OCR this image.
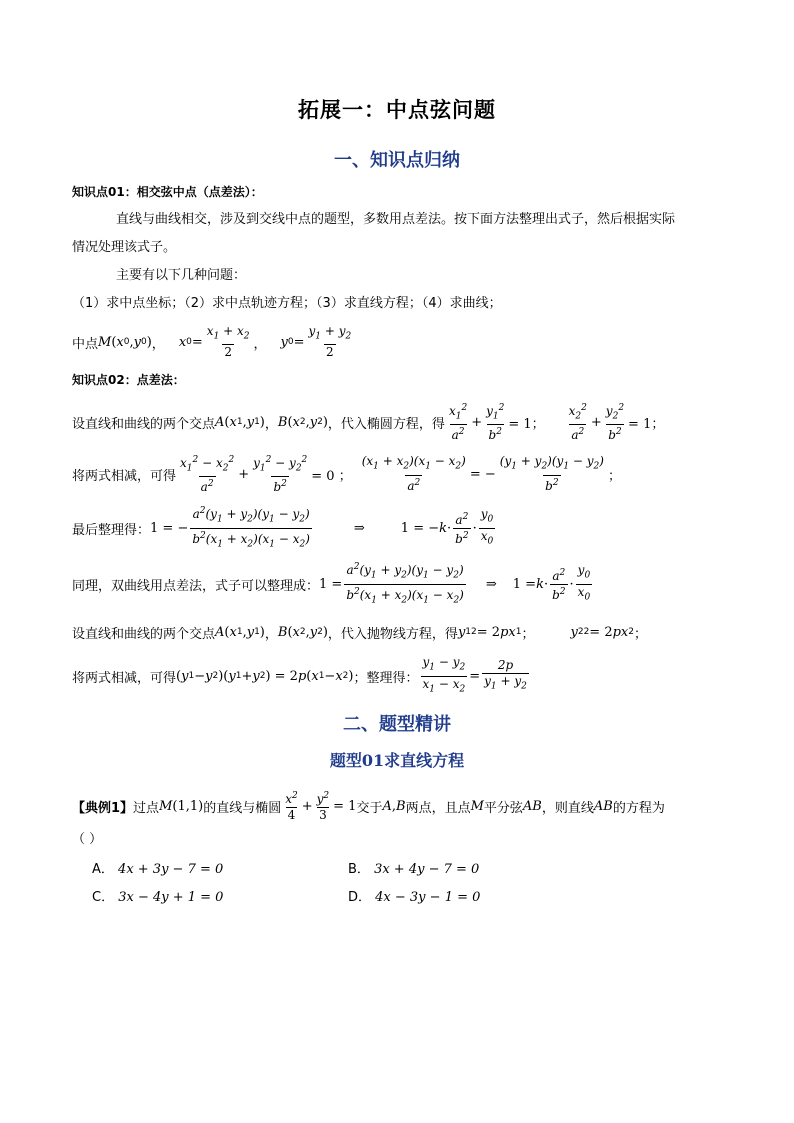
拓展一：中点弦问题
一、知识点归纳
知识点01：相交弦中点（点差法）：
直线与曲线相交，涉及到交线中点的题型，多数用点差法。按下面方法整理出式子，然后根据实际
情况处理该式子。
主要有以下几种问题：
（1）求中点坐标；（2）求中点轨迹方程；（3）求直线方程；（4）求曲线；
中点 M ( x 0 , y 0 ) ， x $0 = \frac{x_1 + x_2}{2}$ ， y $0 = \frac{y_1 + y_2}{2}$
知识点02：点差法：
设直线和曲线的两个交点 A ( x 1 , y 1 ) ， B ( x 2 , y 2 ) ，代入椭圆方程，得 $\frac{x_1^2}{a^2} + \frac{y_1^2}{b^2} = 1$； $\frac{x_2^2}{a^2} + \frac{y_2^2}{b^2} = 1$；
将两式相减，可得 $\frac{x_1^2 - x_2^2}{a^2} + \frac{y_1^2 - y_2^2}{b^2} = 0$ ； $\frac{(x_1 + x_2)(x_1 - x_2)}{a^2}$ = − $\frac{(y_1 + y_2)(y_1 - y_2)}{b^2}$ ；
最后整理得： 1 = − $\frac{a^2(y_1 + y_2)(y_1 - y_2)}{b^2(x_1 + x_2)(x_1 - x_2)}$	⇒	1 = − $k \cdot \frac{a^2}{b^2} \cdot \frac{y_0}{x_0}$
同理，双曲线用点差法，式子可以整理成： $1 = \frac{a^2(y_1 + y_2)(y_1 - y_2)}{b^2(x_1 + x_2)(x_1 - x_2)}$ ⇒ $1 = k \cdot \frac{a^2}{b^2} \cdot \frac{y_0}{x_0}$
设直线和曲线的两个交点 A ( x 1 , y 1 ) ， B ( x 2 , y 2 ) ，代入抛物线方程，得 y 1 2 = 2 px 1 ；	y 2 2 = 2 px 2 ；
将两式相减，可得 ( y 1 − y 2 )( y 1 + y 2 ) = 2 p ( x 1 − x 2 ) ；整理得： $\frac{y_1 - y_2}{x_1 - x_2} = \frac{2p}{y_1 + y_2}$
二、题型精讲
题型01求直线方程
【典例1】 过点 M (1,1) 的直线与椭圆 $\frac{x^2}{4} + \frac{y^2}{3} = 1$ 交于 A , B 两点，且点 M 平分弦 AB ，则直线 AB 的方程为
（ ）
A． 4x + 3y − 7 = 0	B． 3x + 4y − 7 = 0
C． 3x − 4y + 1 = 0	D． 4x − 3y − 1 = 0
